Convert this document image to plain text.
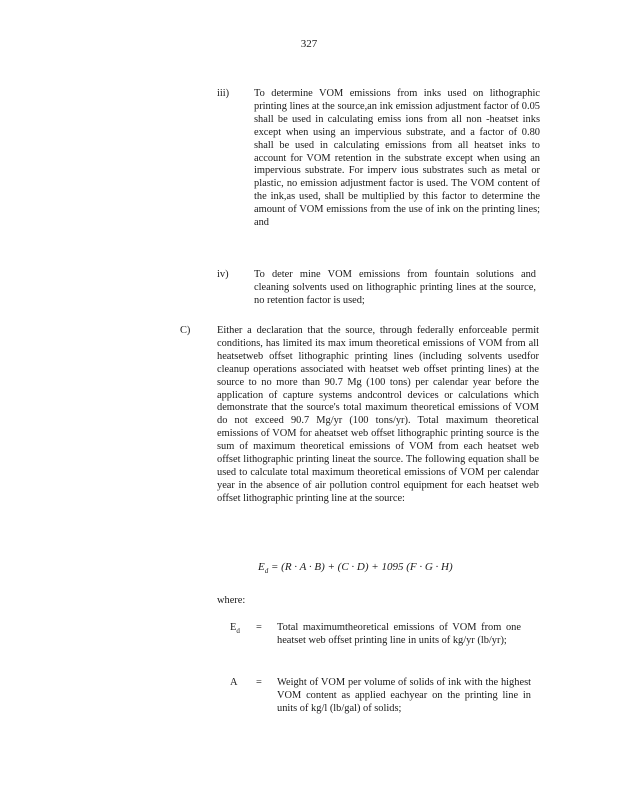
327
iii) To determine VOM emissions from inks used on lithographic printing lines at the source,an ink emission adjustment factor of 0.05 shall be used in calculating emiss ions from all non -heatset inks except when using an impervious substrate, and a factor of 0.80 shall be used in calculating emissions from all heatset inks to account for VOM retention in the substrate except when using an impervious substrate. For imperv ious substrates such as metal or plastic, no emission adjustment factor is used. The VOM content of the ink,as used, shall be multiplied by this factor to determine the amount of VOM emissions from the use of ink on the printing lines; and
iv) To deter mine VOM emissions from fountain solutions and cleaning solvents used on lithographic printing lines at the source, no retention factor is used;
C)	Either a declaration that the source, through federally enforceable permit conditions, has limited its max imum theoretical emissions of VOM from all heatsetweb offset lithographic printing lines (including solvents usedfor cleanup operations associated with heatset web offset printing lines) at the source to no more than 90.7 Mg (100 tons) per calendar year before the application of capture systems andcontrol devices or calculations which demonstrate that the source's total maximum theoretical emissions of VOM do not exceed 90.7 Mg/yr (100 tons/yr). Total maximum theoretical emissions of VOM for aheatset web offset lithographic printing source is the sum of maximum theoretical emissions of VOM from each heatset web offset lithographic printing lineat the source. The following equation shall be used to calculate total maximum theoretical emissions of VOM per calendar year in the absence of air pollution control equipment for each heatset web offset lithographic printing line at the source:
$E_d = (R \cdot A \cdot B) + (C \cdot D) + 1095$ (F · G · H)
where:
$E_d$ = Total maximumtheoretical emissions of VOM from one heatset web offset printing line in units of kg/yr (lb/yr);
A = Weight of VOM per volume of solids of ink with the highest VOM content as applied eachyear on the printing line in units of kg/l (lb/gal) of solids;
